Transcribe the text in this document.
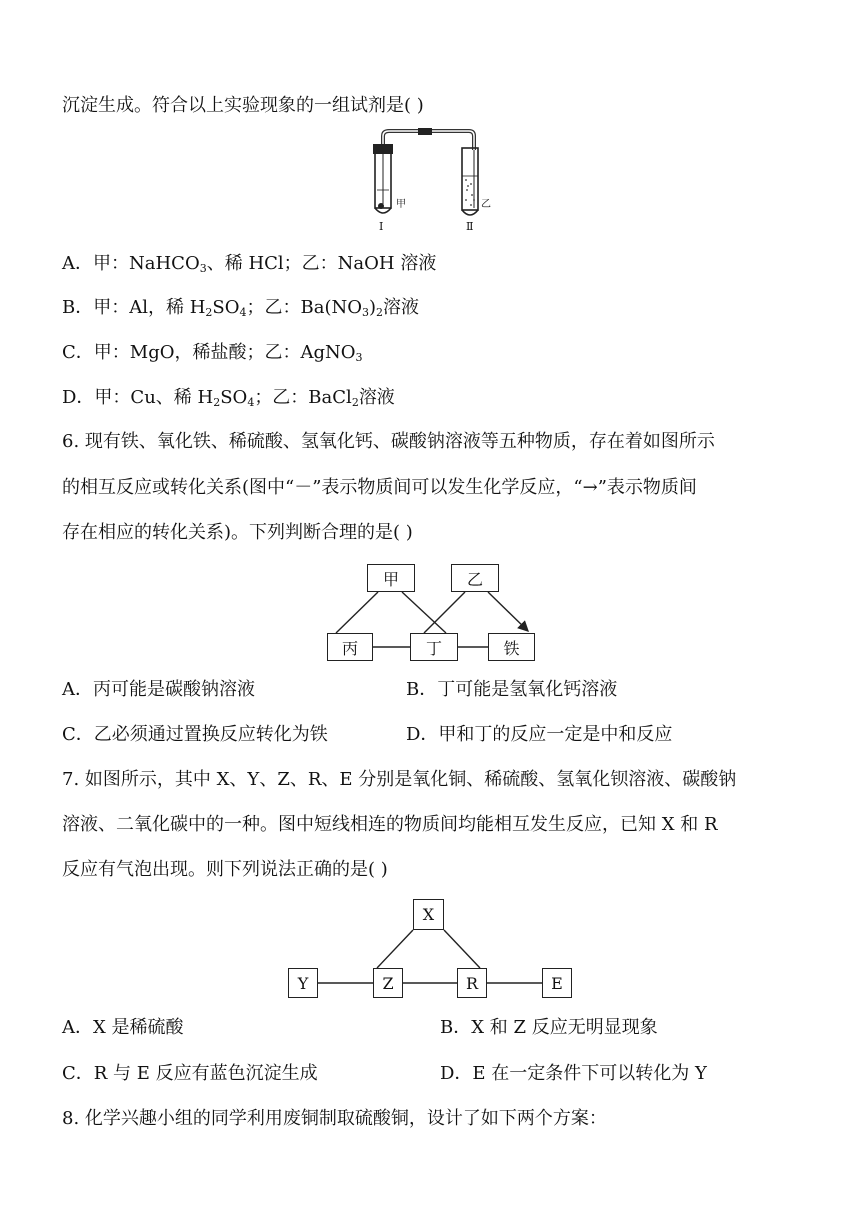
沉淀生成。符合以上实验现象的一组试剂是( )
甲	乙
Ⅰ	Ⅱ
A．甲：NaHCO$_3$、稀 HCl；乙：NaOH 溶液
B．甲：Al，稀 $H_2SO_4$；乙：$Ba(NO_3)_2$溶液
C．甲：MgO，稀盐酸；乙：AgNO$_3$
D．甲：Cu、稀 $H_2SO_4$；乙：BaCl$_2$溶液
6. 现有铁、氧化铁、稀硫酸、氢氧化钙、碳酸钠溶液等五种物质，存在着如图所示
的相互反应或转化关系(图中“－”表示物质间可以发生化学反应，“→”表示物质间
存在相应的转化关系)。下列判断合理的是( )
甲	乙
丙	丁	铁
A．丙可能是碳酸钠溶液	B．丁可能是氢氧化钙溶液
C．乙必须通过置换反应转化为铁	D．甲和丁的反应一定是中和反应
7. 如图所示，其中 X、Y、Z、R、E 分别是氧化铜、稀硫酸、氢氧化钡溶液、碳酸钠
溶液、二氧化碳中的一种。图中短线相连的物质间均能相互发生反应，已知 X 和 R
反应有气泡出现。则下列说法正确的是( )
X
Y	Z	R	E
A．X 是稀硫酸	B．X 和 Z 反应无明显现象
C．R 与 E 反应有蓝色沉淀生成	D．E 在一定条件下可以转化为 Y
8. 化学兴趣小组的同学利用废铜制取硫酸铜，设计了如下两个方案：
